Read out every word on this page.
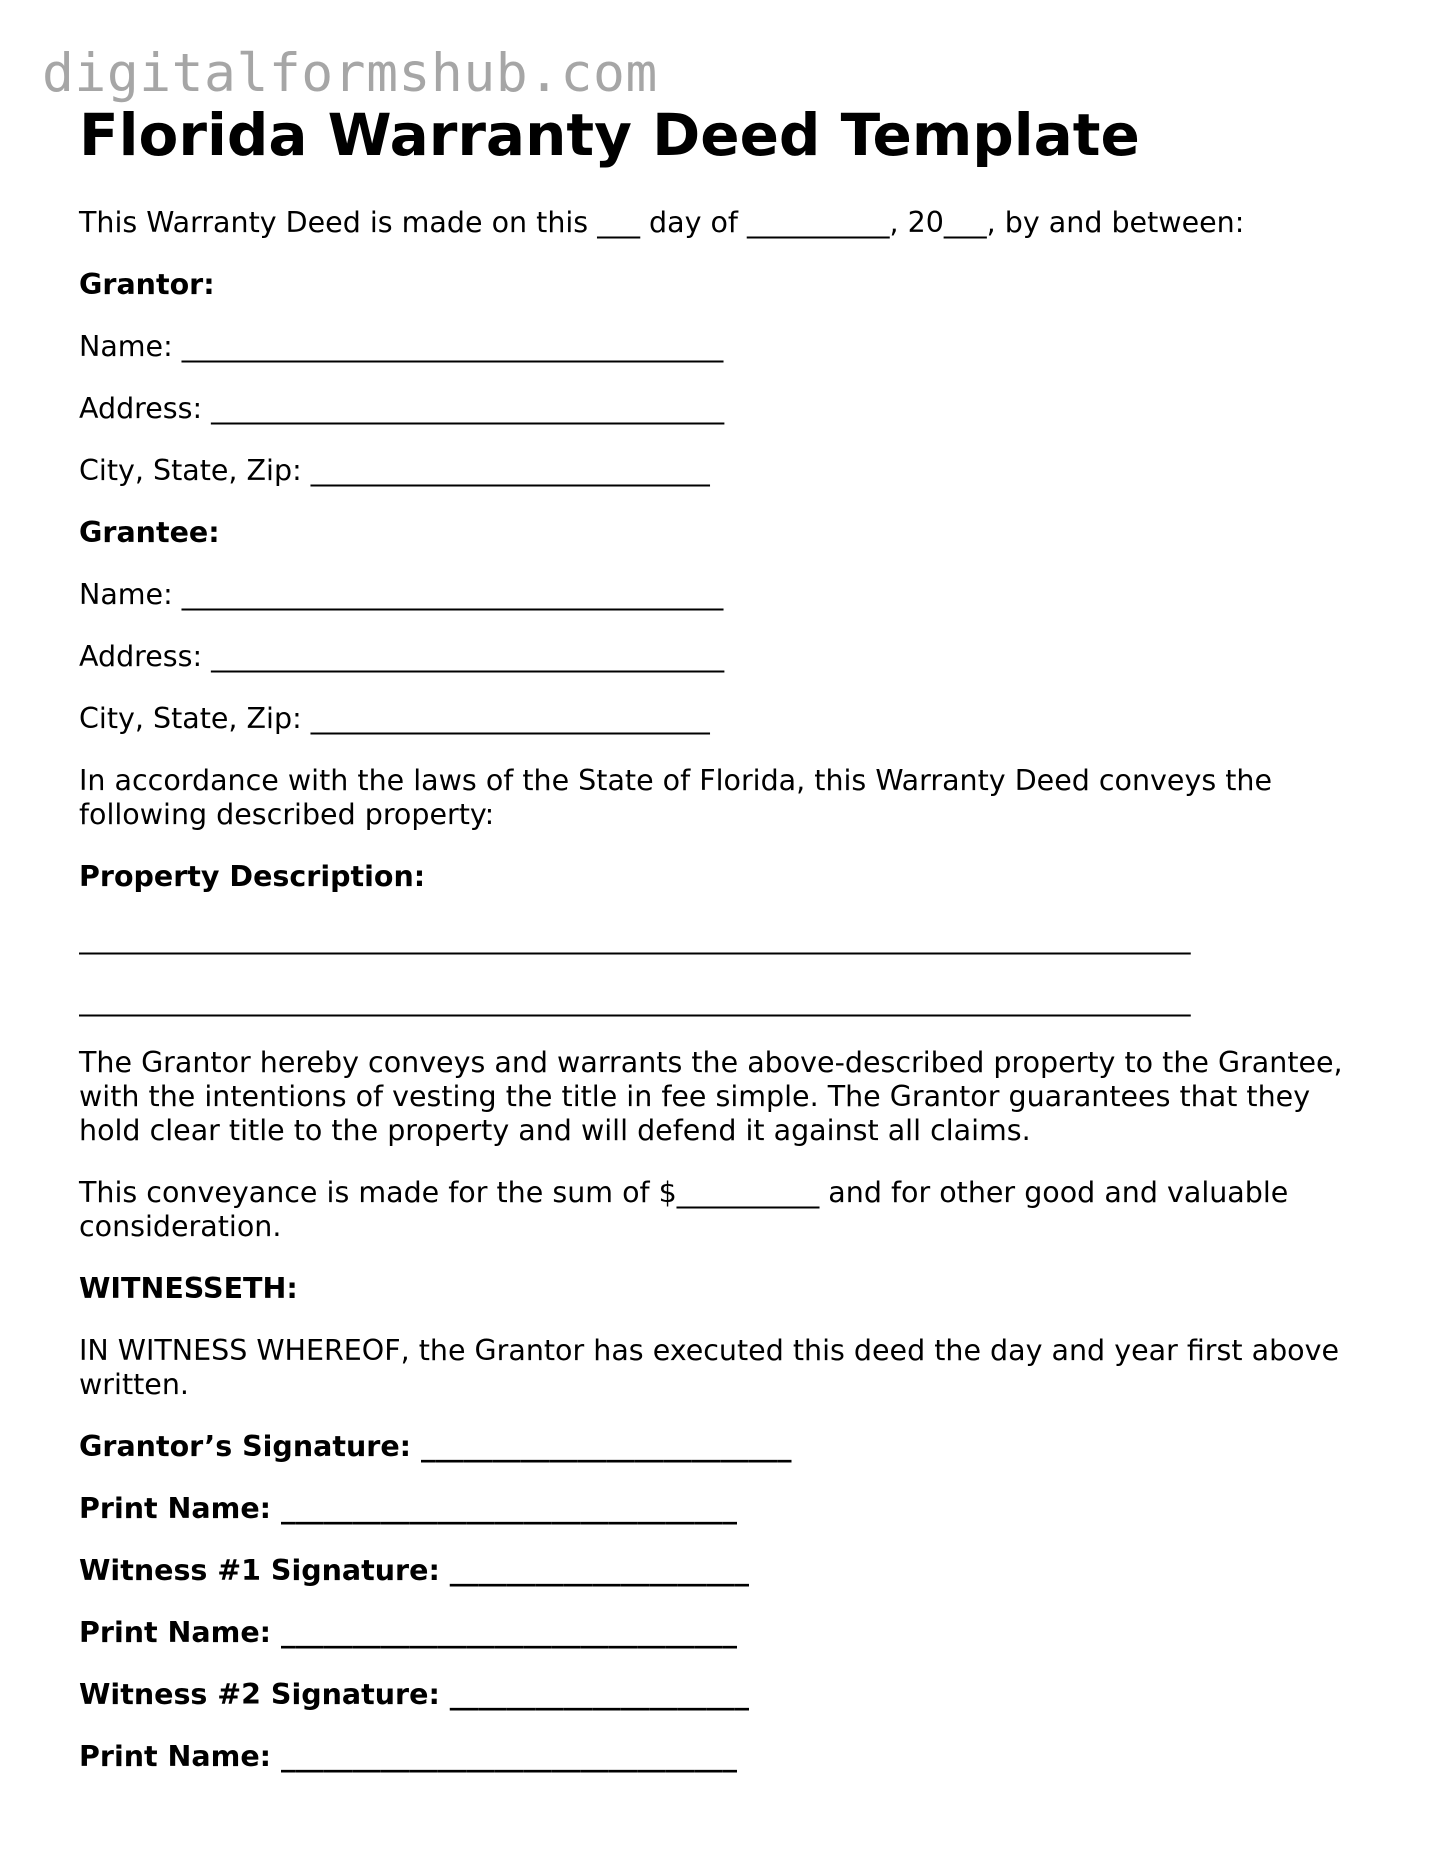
digitalformshub.com
Florida Warranty Deed Template

This Warranty Deed is made on this ___ day of __________, 20___, by and between:

Grantor:

Name: ______________________________________

Address: ____________________________________

City, State, Zip: ____________________________

Grantee:

Name: ______________________________________

Address: ____________________________________

City, State, Zip: ____________________________

In accordance with the laws of the State of Florida, this Warranty Deed conveys the following described property:

Property Description:

______________________________________________________________________________

______________________________________________________________________________

The Grantor hereby conveys and warrants the above-described property to the Grantee, with the intentions of vesting the title in fee simple. The Grantor guarantees that they hold clear title to the property and will defend it against all claims.

This conveyance is made for the sum of $__________ and for other good and valuable consideration.

WITNESSETH:

IN WITNESS WHEREOF, the Grantor has executed this deed the day and year first above written.

Grantor’s Signature: __________________________

Print Name: ________________________________

Witness #1 Signature: _____________________

Print Name: ________________________________

Witness #2 Signature: _____________________

Print Name: ________________________________
